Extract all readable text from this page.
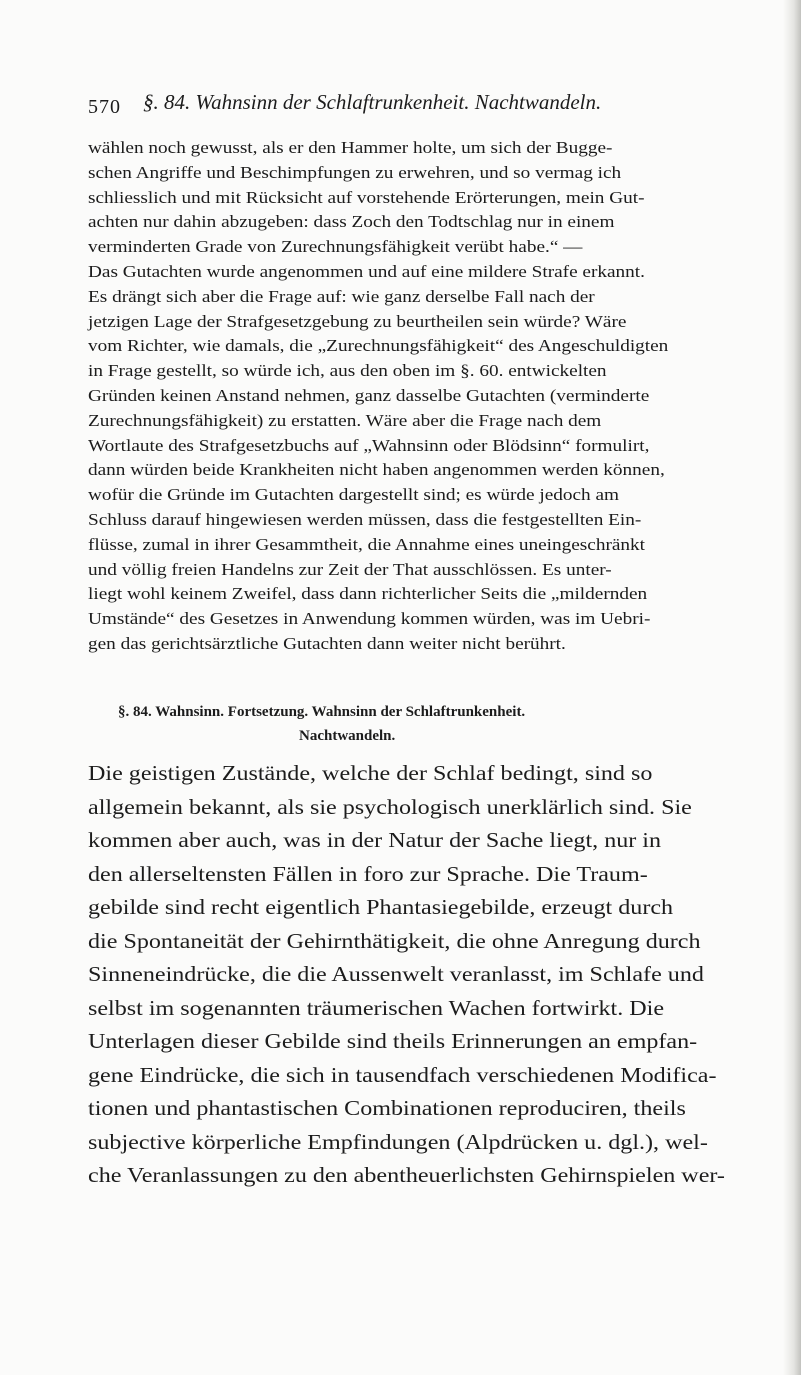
570 §. 84. Wahnsinn der Schlaftrunkenheit. Nachtwandeln.
wählen noch gewusst, als er den Hammer holte, um sich der Bugge-
schen Angriffe und Beschimpfungen zu erwehren, und so vermag ich
schliesslich und mit Rücksicht auf vorstehende Erörterungen, mein Gut-
achten nur dahin abzugeben: dass Zoch den Todtschlag nur in einem
verminderten Grade von Zurechnungsfähigkeit verübt habe.“ —
Das Gutachten wurde angenommen und auf eine mildere Strafe erkannt.
Es drängt sich aber die Frage auf: wie ganz derselbe Fall nach der
jetzigen Lage der Strafgesetzgebung zu beurtheilen sein würde? Wäre
vom Richter, wie damals, die „Zurechnungsfähigkeit“ des Angeschuldigten
in Frage gestellt, so würde ich, aus den oben im §. 60. entwickelten
Gründen keinen Anstand nehmen, ganz dasselbe Gutachten (verminderte
Zurechnungsfähigkeit) zu erstatten. Wäre aber die Frage nach dem
Wortlaute des Strafgesetzbuchs auf „Wahnsinn oder Blödsinn“ formulirt,
dann würden beide Krankheiten nicht haben angenommen werden können,
wofür die Gründe im Gutachten dargestellt sind; es würde jedoch am
Schluss darauf hingewiesen werden müssen, dass die festgestellten Ein-
flüsse, zumal in ihrer Gesammtheit, die Annahme eines uneingeschränkt
und völlig freien Handelns zur Zeit der That ausschlössen. Es unter-
liegt wohl keinem Zweifel, dass dann richterlicher Seits die „mildernden
Umstände“ des Gesetzes in Anwendung kommen würden, was im Uebri-
gen das gerichtsärztliche Gutachten dann weiter nicht berührt.
§. 84. Wahnsinn. Fortsetzung. Wahnsinn der Schlaftrunkenheit.
Nachtwandeln.
Die geistigen Zustände, welche der Schlaf bedingt, sind so
allgemein bekannt, als sie psychologisch unerklärlich sind. Sie
kommen aber auch, was in der Natur der Sache liegt, nur in
den allerseltensten Fällen in foro zur Sprache. Die Traum-
gebilde sind recht eigentlich Phantasiegebilde, erzeugt durch
die Spontaneität der Gehirnthätigkeit, die ohne Anregung durch
Sinneneindrücke, die die Aussenwelt veranlasst, im Schlafe und
selbst im sogenannten träumerischen Wachen fortwirkt. Die
Unterlagen dieser Gebilde sind theils Erinnerungen an empfan-
gene Eindrücke, die sich in tausendfach verschiedenen Modifica-
tionen und phantastischen Combinationen reproduciren, theils
subjective körperliche Empfindungen (Alpdrücken u. dgl.), wel-
che Veranlassungen zu den abentheuerlichsten Gehirnspielen wer-
